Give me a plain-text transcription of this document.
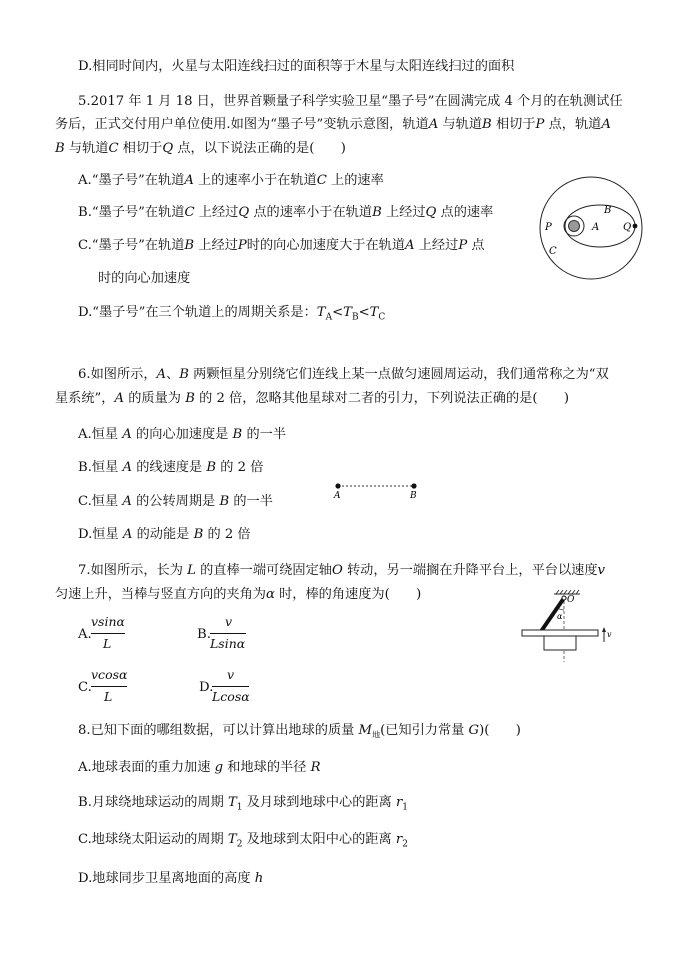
D.相同时间内，火星与太阳连线扫过的面积等于木星与太阳连线扫过的面积
5.2017 年 1 月 18 日，世界首颗量子科学实验卫星“墨子号”在圆满完成 4 个月的在轨测试任
务后，正式交付用户单位使用.如图为“墨子号”变轨示意图，轨道A 与轨道B 相切于P 点，轨道A
B 与轨道C 相切于Q 点，以下说法正确的是(　　)
A.“墨子号”在轨道A 上的速率小于在轨道C 上的速率
B.“墨子号”在轨道C 上经过Q 点的速率小于在轨道B 上经过Q 点的速率
C.“墨子号”在轨道B 上经过P时的向心加速度大于在轨道A 上经过P 点
时的向心加速度
D.“墨子号”在三个轨道上的周期关系是：$T_A<T_B<T_C$
P	A
B
Q
C
6.如图所示，A、B 两颗恒星分别绕它们连线上某一点做匀速圆周运动，我们通常称之为“双
星系统”，A 的质量为 B 的 2 倍，忽略其他星球对二者的引力，下列说法正确的是(　　)
A.恒星 A 的向心加速度是 B 的一半
B.恒星 A 的线速度是 B 的 2 倍
C.恒星 A 的公转周期是 B 的一半
D.恒星 A 的动能是 B 的 2 倍
A	B
7.如图所示，长为 L 的直棒一端可绕固定轴O 转动，另一端搁在升降平台上，平台以速度v
匀速上升，当棒与竖直方向的夹角为α 时，棒的角速度为(　　)
A.
vsinα
L
B.
v
Lsinα
C.
vcosα
L
D.
v
Lcosα
O
α
v
8.已知下面的哪组数据，可以计算出地球的质量 $M_地$(已知引力常量 G)(　　)
A.地球表面的重力加速 g 和地球的半径 R
B.月球绕地球运动的周期 $T_1$ 及月球到地球中心的距离 $r_1$
C.地球绕太阳运动的周期 $T_2$ 及地球到太阳中心的距离 $r_2$
D.地球同步卫星离地面的高度 h
